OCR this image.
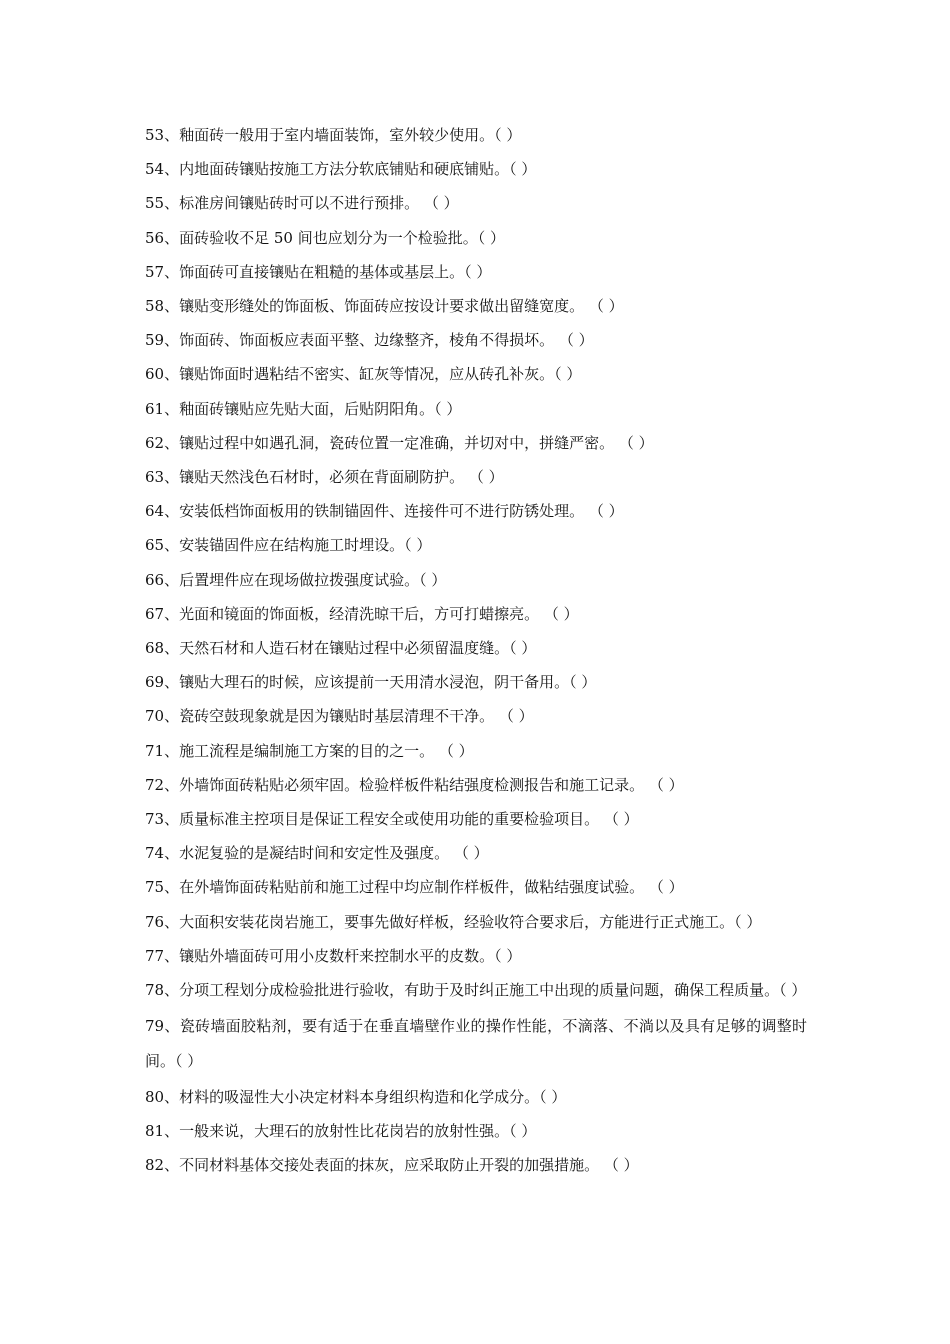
53、釉面砖一般用于室内墙面装饰，室外较少使用。（ ）
54、内地面砖镶贴按施工方法分软底铺贴和硬底铺贴。（ ）
55、标准房间镶贴砖时可以不进行预排。 （ ）
56、面砖验收不足 50 间也应划分为一个检验批。（ ）
57、饰面砖可直接镶贴在粗糙的基体或基层上。（ ）
58、镶贴变形缝处的饰面板、饰面砖应按设计要求做出留缝宽度。 （ ）
59、饰面砖、饰面板应表面平整、边缘整齐，棱角不得损坏。 （ ）
60、镶贴饰面时遇粘结不密实、缸灰等情况，应从砖孔补灰。（ ）
61、釉面砖镶贴应先贴大面，后贴阴阳角。（ ）
62、镶贴过程中如遇孔洞，瓷砖位置一定准确，并切对中，拼缝严密。 （ ）
63、镶贴天然浅色石材时，必须在背面刷防护。 （ ）
64、安装低档饰面板用的铁制锚固件、连接件可不进行防锈处理。 （ ）
65、安装锚固件应在结构施工时埋设。（ ）
66、后置埋件应在现场做拉拨强度试验。（ ）
67、光面和镜面的饰面板，经清洗晾干后，方可打蜡擦亮。 （ ）
68、天然石材和人造石材在镶贴过程中必须留温度缝。（ ）
69、镶贴大理石的时候，应该提前一天用清水浸泡，阴干备用。（ ）
70、瓷砖空鼓现象就是因为镶贴时基层清理不干净。 （ ）
71、施工流程是编制施工方案的目的之一。 （ ）
72、外墙饰面砖粘贴必须牢固。检验样板件粘结强度检测报告和施工记录。 （ ）
73、质量标准主控项目是保证工程安全或使用功能的重要检验项目。 （ ）
74、水泥复验的是凝结时间和安定性及强度。 （ ）
75、在外墙饰面砖粘贴前和施工过程中均应制作样板件，做粘结强度试验。 （ ）
76、大面积安装花岗岩施工，要事先做好样板，经验收符合要求后，方能进行正式施工。（ ）
77、镶贴外墙面砖可用小皮数杆来控制水平的皮数。（ ）
78、分项工程划分成检验批进行验收，有助于及时纠正施工中出现的质量问题，确保工程质量。（ ）
79、瓷砖墙面胶粘剂，要有适于在垂直墙壁作业的操作性能，不滴落、不淌以及具有足够的调整时间。（ ）
80、材料的吸湿性大小决定材料本身组织构造和化学成分。（ ）
81、一般来说，大理石的放射性比花岗岩的放射性强。（ ）
82、不同材料基体交接处表面的抹灰，应采取防止开裂的加强措施。 （ ）
